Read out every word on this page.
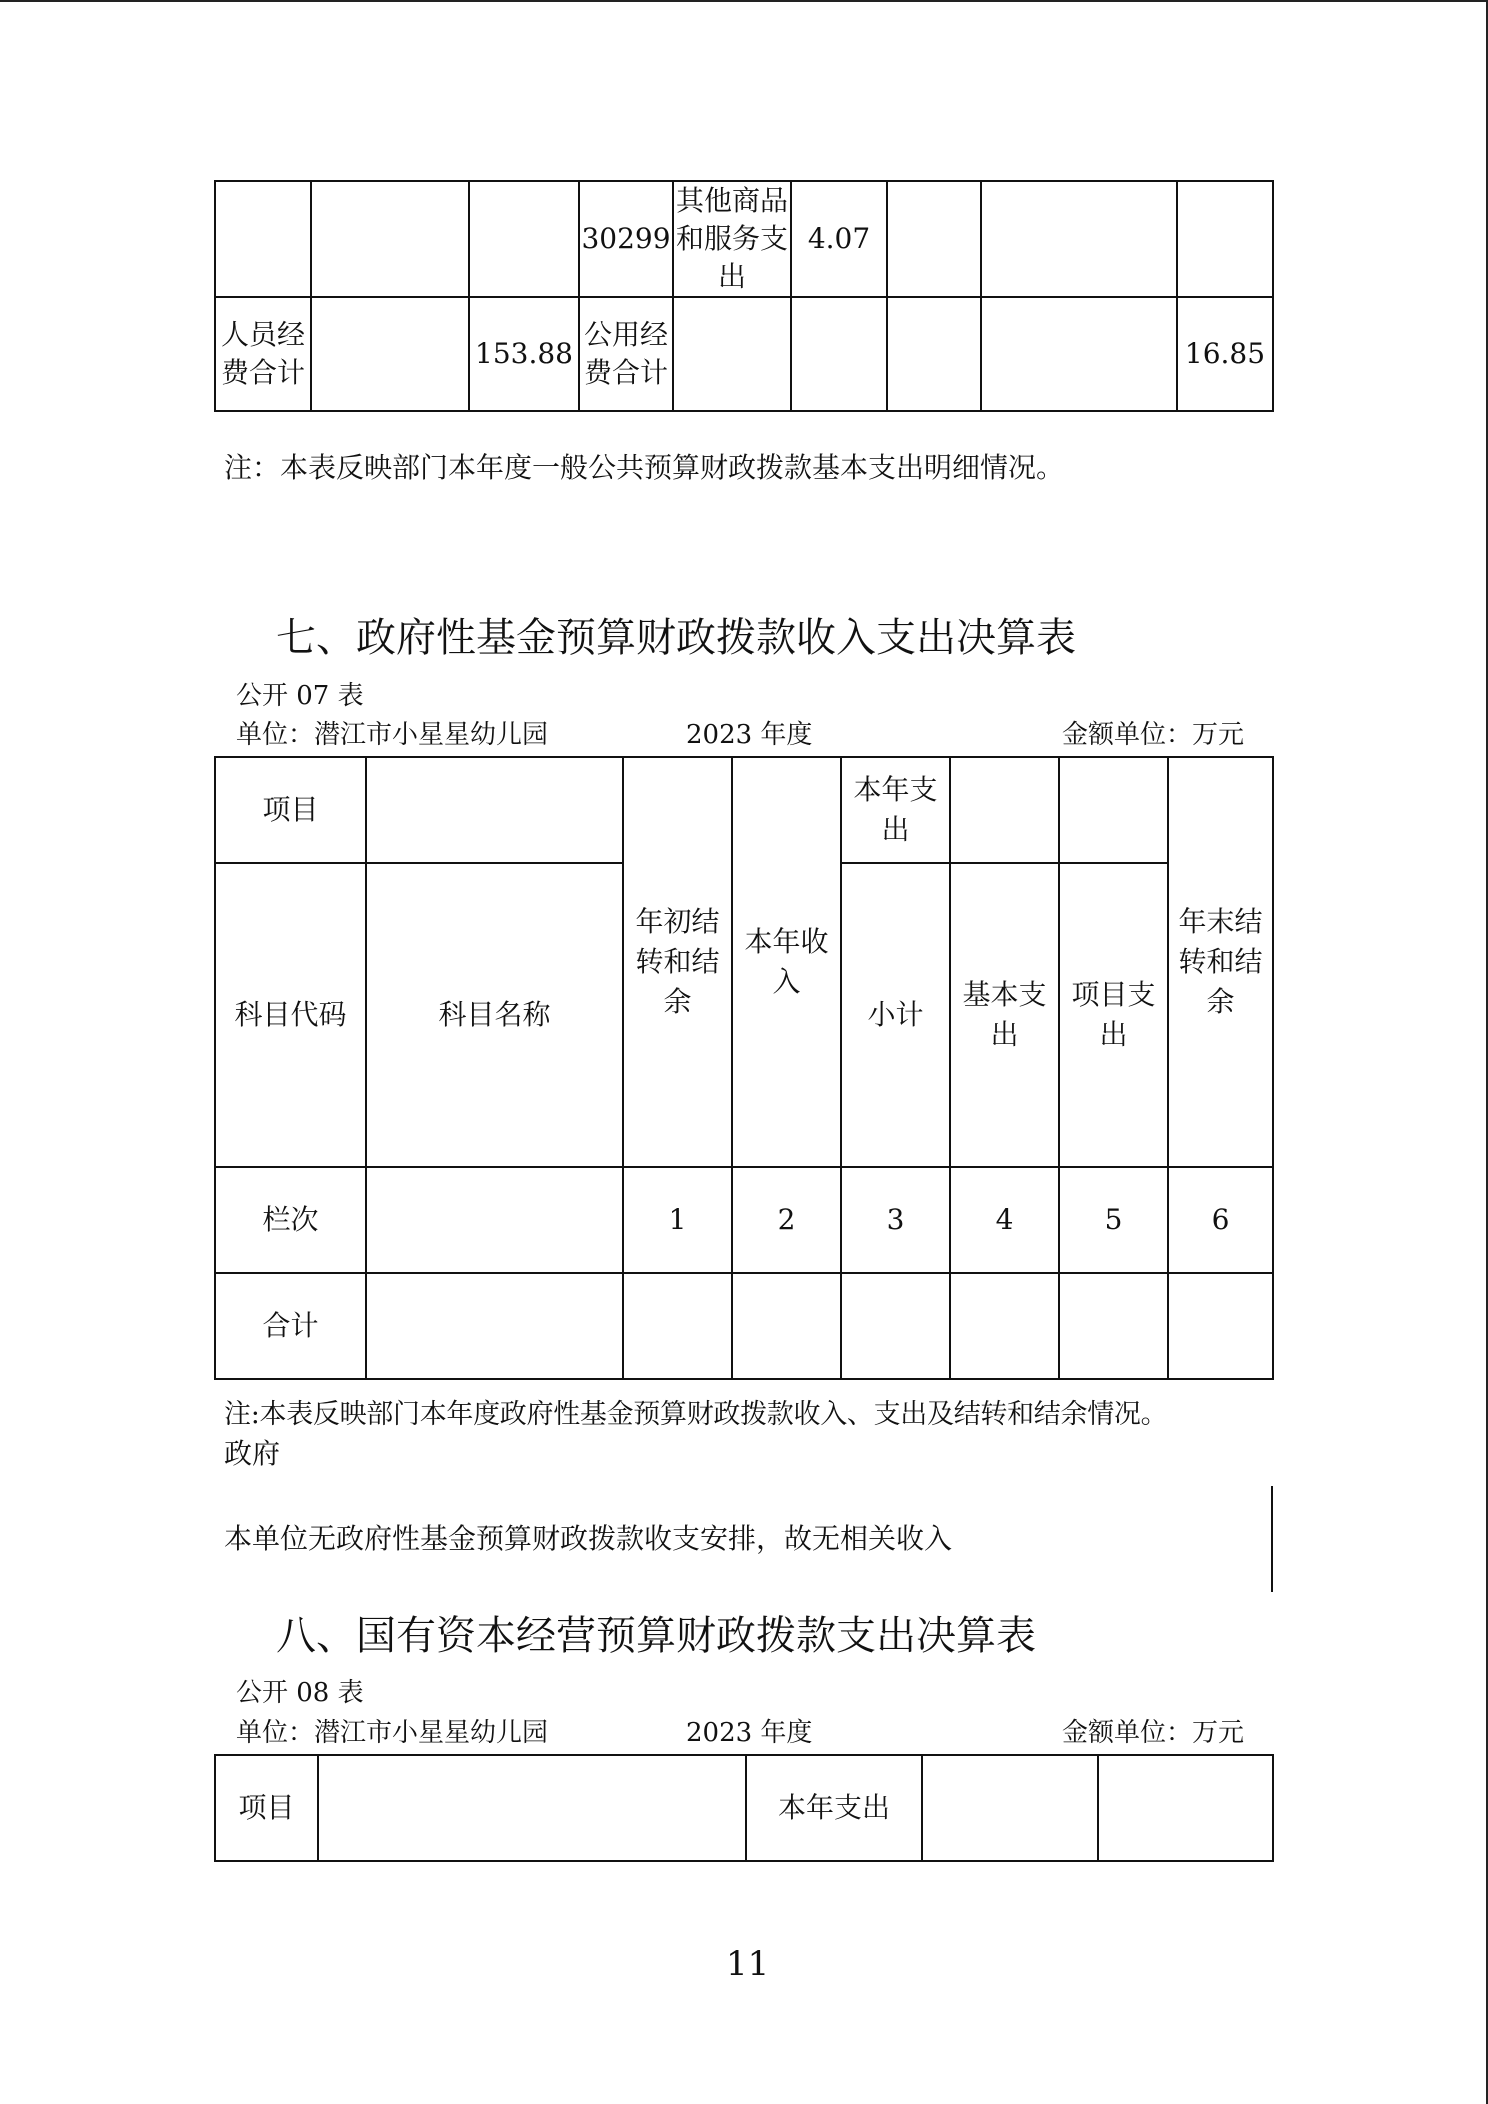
			30299	其他商品和服务支出	4.07			
人员经费合计		153.88	公用经费合计					16.85
注：本表反映部门本年度一般公共预算财政拨款基本支出明细情况。
七、政府性基金预算财政拨款收入支出决算表
公开 07 表
单位：潜江市小星星幼儿园	2023 年度	金额单位：万元
项目		年初结转和结余	本年收入	本年支出			年末结转和结余
科目代码	科目名称			小计	基本支出	项目支出	
栏次		1	2	3	4	5	6
合计							
注:本表反映部门本年度政府性基金预算财政拨款收入、支出及结转和结余情况。
政府
本单位无政府性基金预算财政拨款收支安排，故无相关收入
八、国有资本经营预算财政拨款支出决算表
公开 08 表
单位：潜江市小星星幼儿园	2023 年度	金额单位：万元
项目		本年支出		
11
